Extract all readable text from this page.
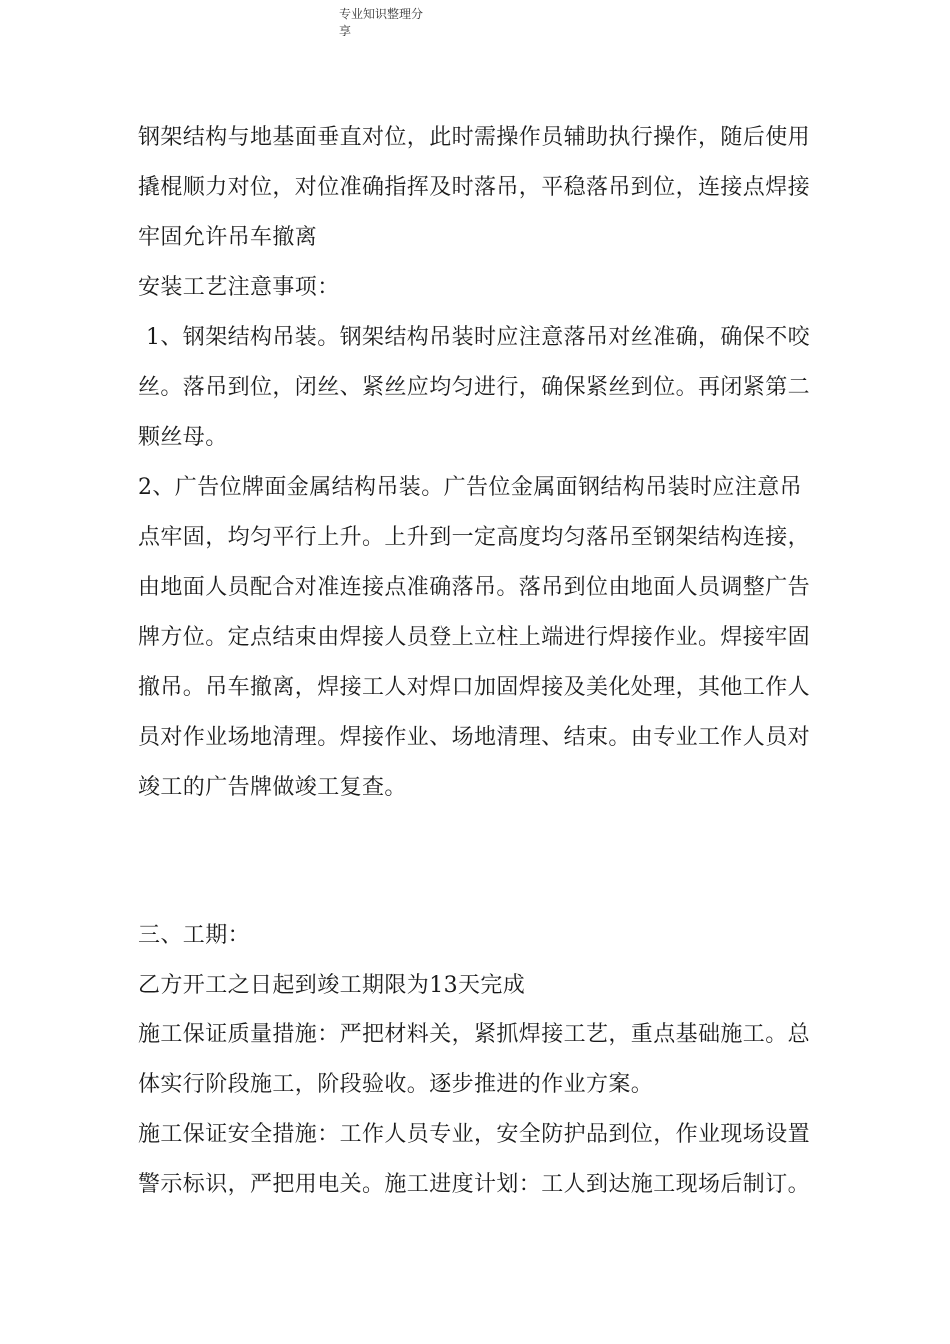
专业知识整理分
享
钢架结构与地基面垂直对位，此时需操作员辅助执行操作，随后使用
撬棍顺力对位，对位准确指挥及时落吊，平稳落吊到位，连接点焊接
牢固允许吊车撤离
安装工艺注意事项：
1、钢架结构吊装。钢架结构吊装时应注意落吊对丝准确，确保不咬
丝。落吊到位，闭丝、紧丝应均匀进行，确保紧丝到位。再闭紧第二
颗丝母。
2、广告位牌面金属结构吊装。广告位金属面钢结构吊装时应注意吊
点牢固，均匀平行上升。上升到一定高度均匀落吊至钢架结构连接，
由地面人员配合对准连接点准确落吊。落吊到位由地面人员调整广告
牌方位。定点结束由焊接人员登上立柱上端进行焊接作业。焊接牢固
撤吊。吊车撤离，焊接工人对焊口加固焊接及美化处理，其他工作人
员对作业场地清理。焊接作业、场地清理、结束。由专业工作人员对
竣工的广告牌做竣工复查。
三、工期：
乙方开工之日起到竣工期限为13天完成
施工保证质量措施：严把材料关，紧抓焊接工艺，重点基础施工。总
体实行阶段施工，阶段验收。逐步推进的作业方案。
施工保证安全措施：工作人员专业，安全防护品到位，作业现场设置
警示标识，严把用电关。施工进度计划：工人到达施工现场后制订。
